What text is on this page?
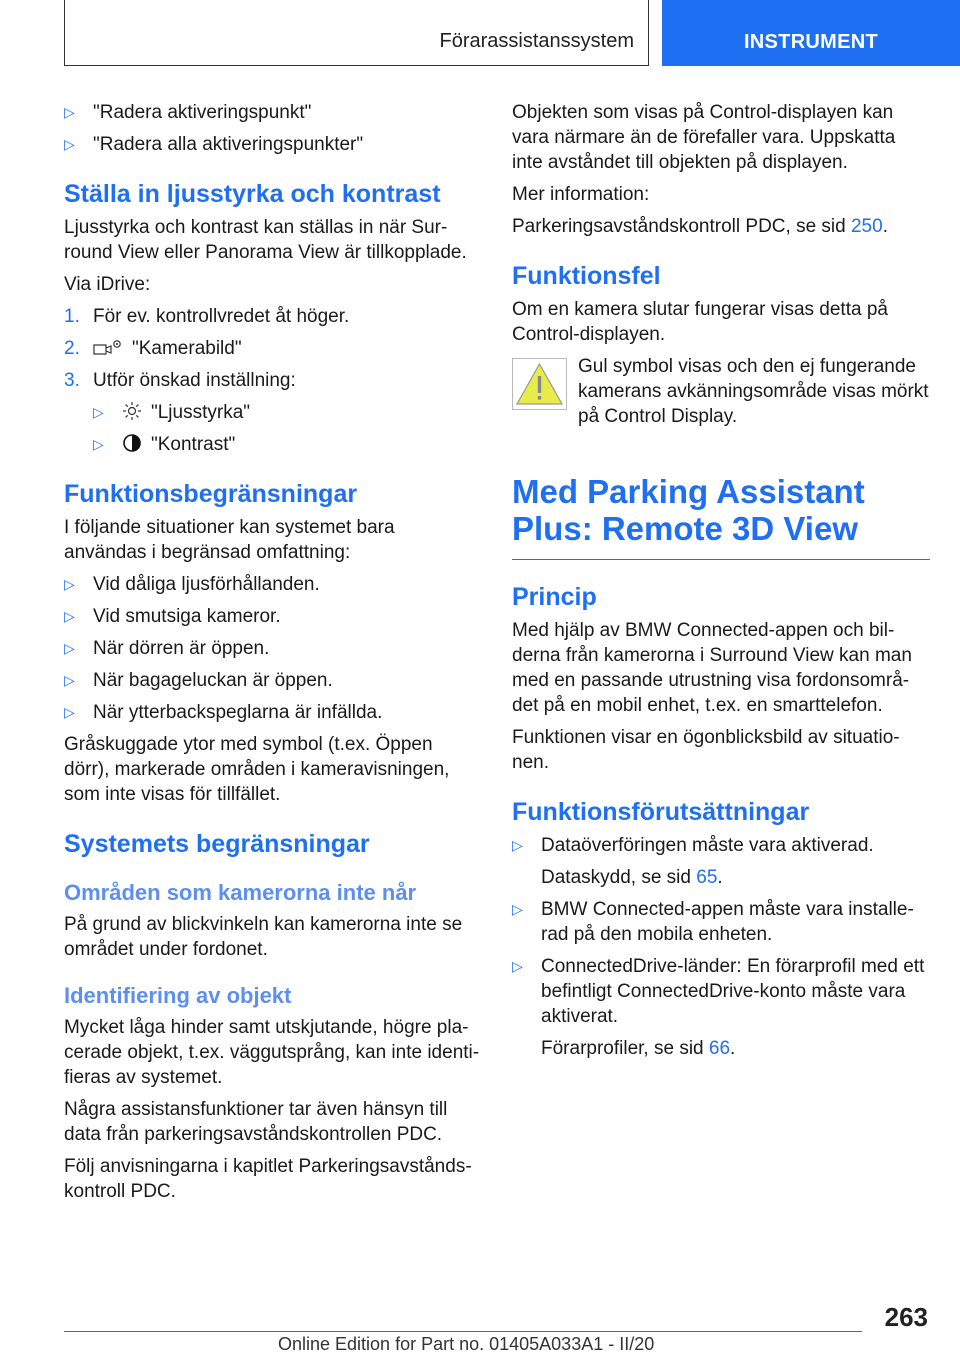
Förarassistanssystem	INSTRUMENT
▷ "Radera aktiveringspunkt"
▷ "Radera alla aktiveringspunkter"
Ställa in ljusstyrka och kontrast

Ljusstyrka och kontrast kan ställas in när Sur-round View eller Panorama View är tillkopplade.

Via iDrive:

1. För ev. kontrollvredet åt höger.
2.	"Kamerabild"
3. Utför önskad inställning:
▷ "Ljusstyrka"
▷ "Kontrast"
Funktionsbegränsningar

I följande situationer kan systemet bara användas i begränsad omfattning:

▷ Vid dåliga ljusförhållanden.
▷ Vid smutsiga kameror.
▷ När dörren är öppen.
▷ När bagageluckan är öppen.
▷ När ytterbackspeglarna är infällda.

Gråskuggade ytor med symbol (t.ex. Öppen dörr), markerade områden i kameravisningen, som inte visas för tillfället.

Systemets begränsningar
Områden som kamerorna inte når

På grund av blickvinkeln kan kamerorna inte se området under fordonet.

Identifiering av objekt

Mycket låga hinder samt utskjutande, högre pla-cerade objekt, t.ex. väggutsprång, kan inte identi-fieras av systemet.

Några assistansfunktioner tar även hänsyn till data från parkeringsavståndskontrollen PDC.

Följ anvisningarna i kapitlet Parkeringsavstånds-kontroll PDC.

Objekten som visas på Control-displayen kan vara närmare än de förefaller vara. Uppskatta inte avståndet till objekten på displayen.

Mer information:

Parkeringsavståndskontroll PDC, se sid 250.

Funktionsfel

Om en kamera slutar fungerar visas detta på Control-displayen.

Gul symbol visas och den ej fungerande kamerans avkänningsområde visas mörkt på Control Display.

Med Parking Assistant Plus: Remote 3D View
Princip

Med hjälp av BMW Connected-appen och bil-derna från kamerorna i Surround View kan man med en passande utrustning visa fordonsområ-det på en mobil enhet, t.ex. en smarttelefon.

Funktionen visar en ögonblicksbild av situatio-nen.

Funktionsförutsättningar
▷ Dataöverföringen måste vara aktiverad.

Dataskydd, se sid 65.

▷ BMW Connected-appen måste vara installe-rad på den mobila enheten.
▷ ConnectedDrive-länder: En förarprofil med ett befintligt ConnectedDrive-konto måste vara aktiverat.

Förarprofiler, se sid 66.

263
Online Edition for Part no. 01405A033A1 - II/20
